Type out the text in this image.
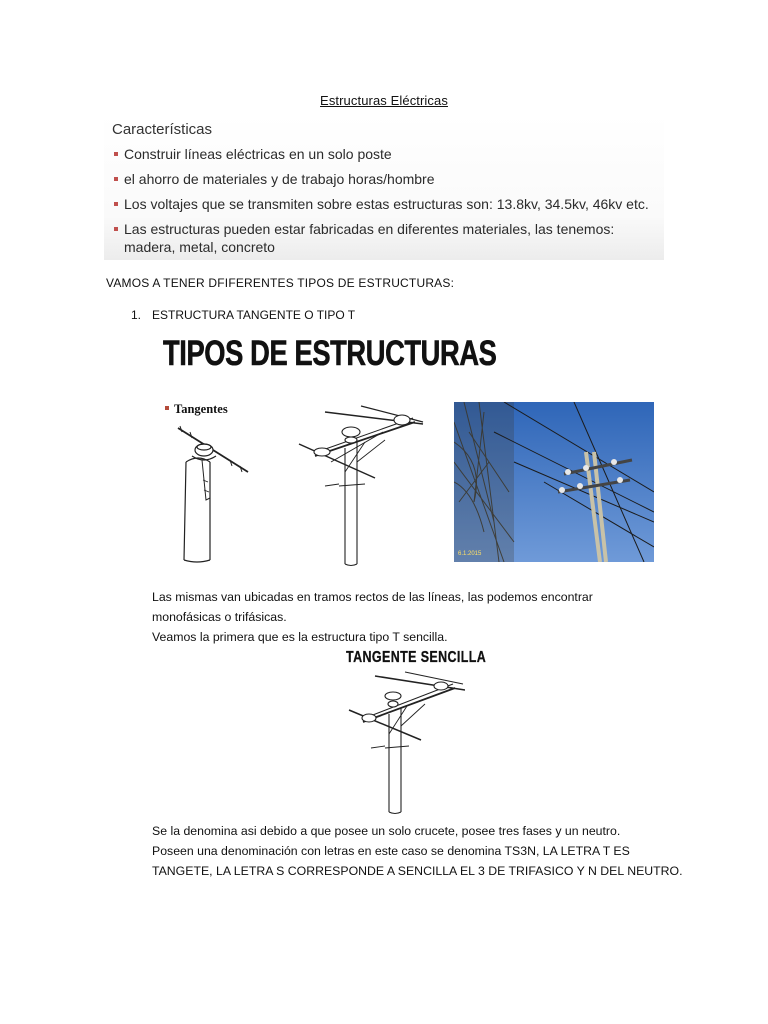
Estructuras Eléctricas
Características
Construir líneas eléctricas en un solo poste
el ahorro de materiales y de trabajo horas/hombre
Los voltajes que se transmiten sobre estas estructuras son: 13.8kv, 34.5kv, 46kv etc.
Las estructuras pueden estar fabricadas en diferentes materiales, las tenemos: madera, metal, concreto
VAMOS A TENER DFIFERENTES TIPOS DE ESTRUCTURAS:
1. ESTRUCTURA TANGENTE O TIPO T
TIPOS DE ESTRUCTURAS
Tangentes
6.1.2015
Las mismas van ubicadas en tramos rectos de las líneas, las podemos encontrar
monofásicas o trifásicas.
Veamos la primera que es la estructura tipo T sencilla.
TANGENTE SENCILLA
Se la denomina asi debido a que posee un solo crucete, posee tres fases y un neutro.
Poseen una denominación con letras en este caso se denomina TS3N, LA LETRA T ES
TANGETE, LA LETRA S CORRESPONDE A SENCILLA EL 3 DE TRIFASICO Y N DEL NEUTRO.
